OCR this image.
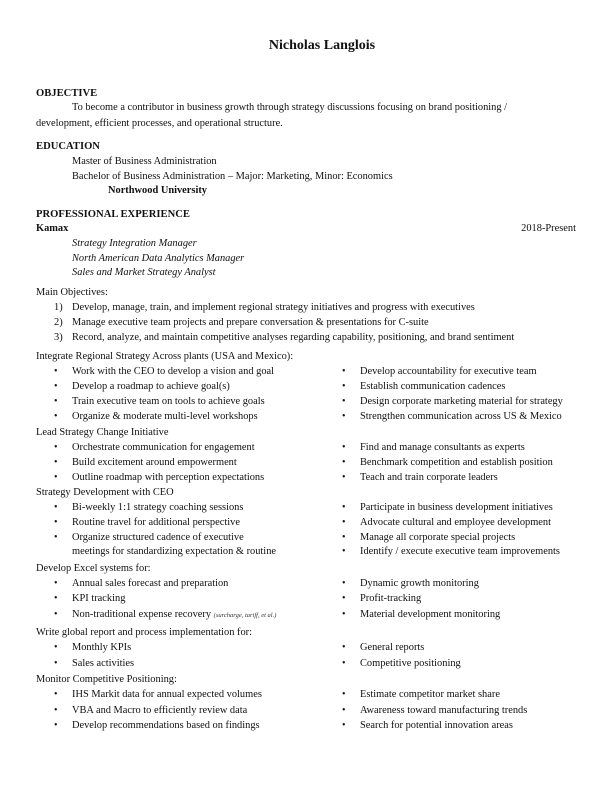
Nicholas Langlois
OBJECTIVE
To become a contributor in business growth through strategy discussions focusing on brand positioning /
development, efficient processes, and operational structure.
EDUCATION
Master of Business Administration
Bachelor of Business Administration – Major: Marketing, Minor: Economics
Northwood University
PROFESSIONAL EXPERIENCE
Kamax	2018-Present
Strategy Integration Manager
North American Data Analytics Manager
Sales and Market Strategy Analyst
Main Objectives:
1) Develop, manage, train, and implement regional strategy initiatives and progress with executives
2) Manage executive team projects and prepare conversation & presentations for C-suite
3) Record, analyze, and maintain competitive analyses regarding capability, positioning, and brand sentiment
Integrate Regional Strategy Across plants (USA and Mexico):
• Work with the CEO to develop a vision and goal
• Develop a roadmap to achieve goal(s)
• Train executive team on tools to achieve goals
• Organize & moderate multi-level workshops
• Develop accountability for executive team
• Establish communication cadences
• Design corporate marketing material for strategy
• Strengthen communication across US & Mexico
Lead Strategy Change Initiative
• Orchestrate communication for engagement
• Build excitement around empowerment
• Outline roadmap with perception expectations
• Find and manage consultants as experts
• Benchmark competition and establish position
• Teach and train corporate leaders
Strategy Development with CEO
• Bi-weekly 1:1 strategy coaching sessions
• Routine travel for additional perspective
• Organize structured cadence of executive
meetings for standardizing expectation & routine
• Participate in business development initiatives
• Advocate cultural and employee development
• Manage all corporate special projects
• Identify / execute executive team improvements
Develop Excel systems for:
• Annual sales forecast and preparation
• KPI tracking
• Non-traditional expense recovery (surcharge, tariff, et al.)
• Dynamic growth monitoring
• Profit-tracking
• Material development monitoring
Write global report and process implementation for:
• Monthly KPIs
• Sales activities
• General reports
• Competitive positioning
Monitor Competitive Positioning:
• IHS Markit data for annual expected volumes
• VBA and Macro to efficiently review data
• Develop recommendations based on findings
• Estimate competitor market share
• Awareness toward manufacturing trends
• Search for potential innovation areas
